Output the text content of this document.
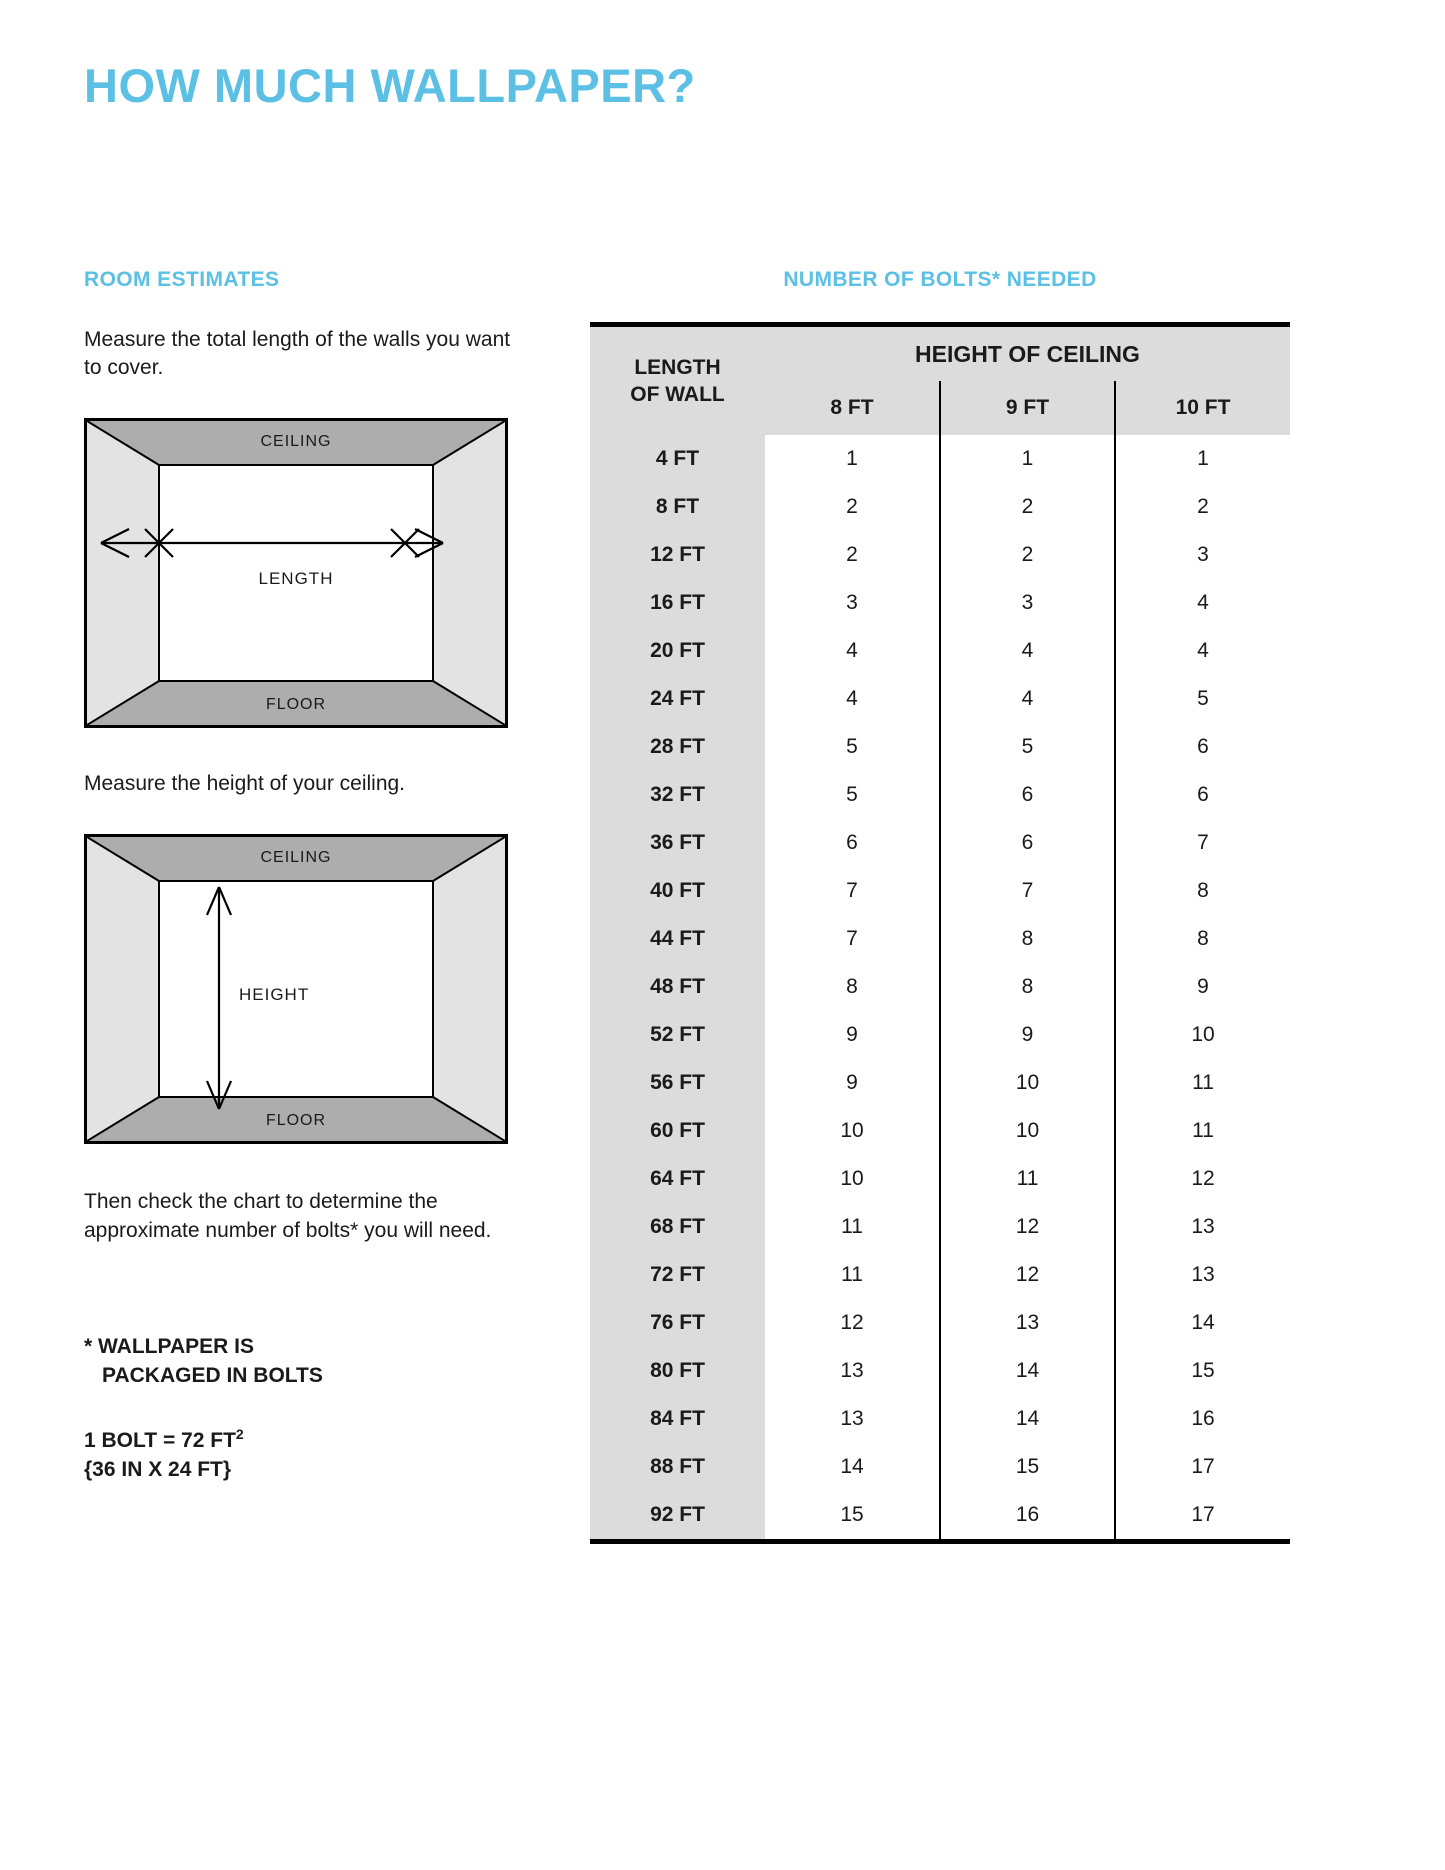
HOW MUCH WALLPAPER?
ROOM ESTIMATES

Measure the total length of the walls you want to cover.

CEILING
FLOOR
LENGTH

Measure the height of your ceiling.

CEILING
FLOOR
HEIGHT

Then check the chart to determine the approximate number of bolts* you will need.

* WALLPAPER IS
PACKAGED IN BOLTS
1 BOLT = 72 $FT^2$
{36 IN X 24 FT}
NUMBER OF BOLTS* NEEDED
LENGTH
OF WALL	HEIGHT OF CEILING		
	8 FT	9 FT	10 FT
4 FT	1	1	1
8 FT	2	2	2
12 FT	2	2	3
16 FT	3	3	4
20 FT	4	4	4
24 FT	4	4	5
28 FT	5	5	6
32 FT	5	6	6
36 FT	6	6	7
40 FT	7	7	8
44 FT	7	8	8
48 FT	8	8	9
52 FT	9	9	10
56 FT	9	10	11
60 FT	10	10	11
64 FT	10	11	12
68 FT	11	12	13
72 FT	11	12	13
76 FT	12	13	14
80 FT	13	14	15
84 FT	13	14	16
88 FT	14	15	17
92 FT	15	16	17
